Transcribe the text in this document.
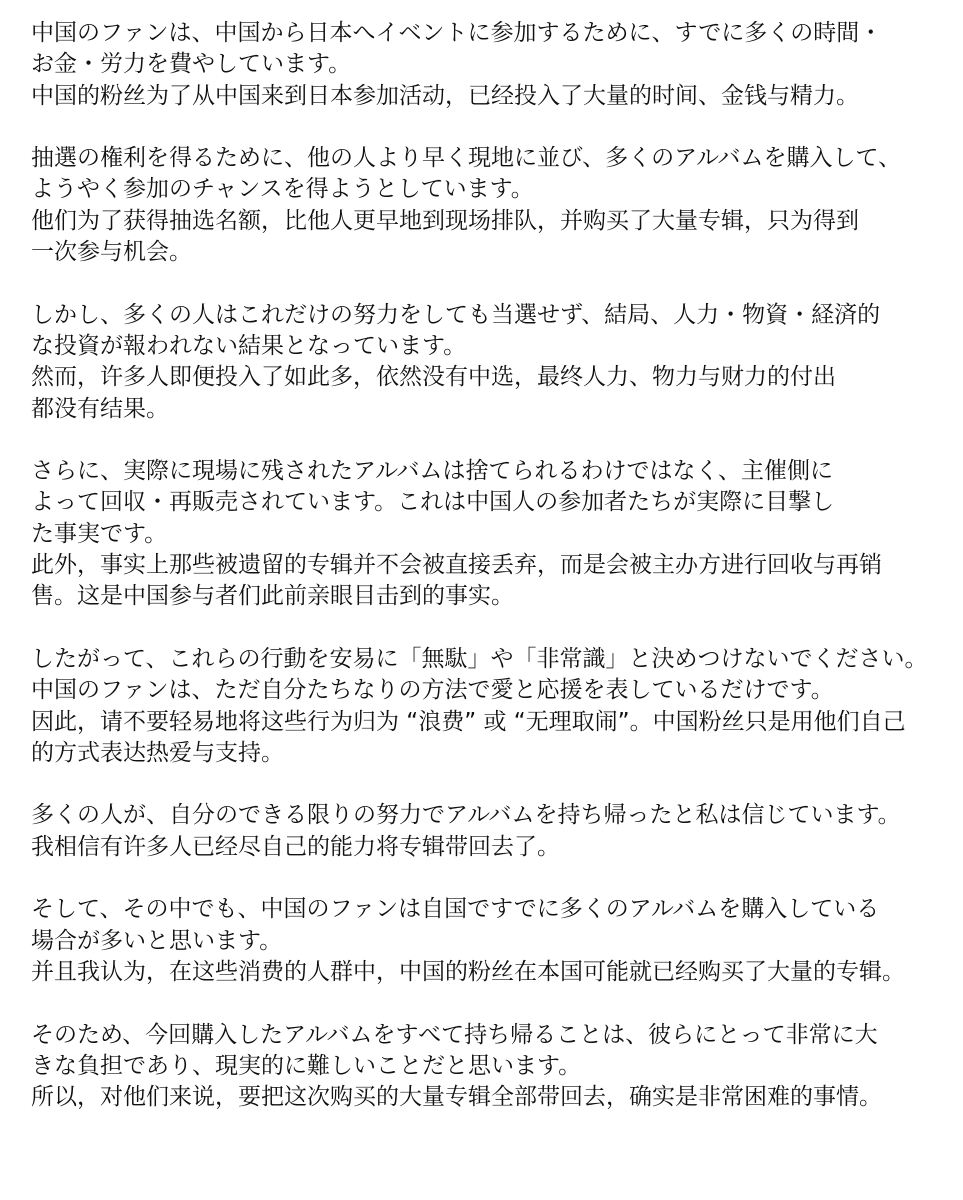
中国のファンは、中国から日本へイベントに参加するために、すでに多くの時間・
お金・労力を費やしています。
中国的粉丝为了从中国来到日本参加活动，已经投入了大量的时间、金钱与精力。
抽選の権利を得るために、他の人より早く現地に並び、多くのアルバムを購入して、
ようやく参加のチャンスを得ようとしています。
他们为了获得抽选名额，比他人更早地到现场排队，并购买了大量专辑，只为得到
一次参与机会。
しかし、多くの人はこれだけの努力をしても当選せず、結局、人力・物資・経済的
な投資が報われない結果となっています。
然而，许多人即便投入了如此多，依然没有中选，最终人力、物力与财力的付出
都没有结果。
さらに、実際に現場に残されたアルバムは捨てられるわけではなく、主催側に
よって回収・再販売されています。これは中国人の参加者たちが実際に目撃し
た事実です。
此外，事实上那些被遗留的专辑并不会被直接丢弃，而是会被主办方进行回收与再销
售。这是中国参与者们此前亲眼目击到的事实。
したがって、これらの行動を安易に「無駄」や「非常識」と決めつけないでください。
中国のファンは、ただ自分たちなりの方法で愛と応援を表しているだけです。
因此，请不要轻易地将这些行为归为 “浪费” 或 “无理取闹”。中国粉丝只是用他们自己
的方式表达热爱与支持。
多くの人が、自分のできる限りの努力でアルバムを持ち帰ったと私は信じています。
我相信有许多人已经尽自己的能力将专辑带回去了。
そして、その中でも、中国のファンは自国ですでに多くのアルバムを購入している
場合が多いと思います。
并且我认为，在这些消费的人群中，中国的粉丝在本国可能就已经购买了大量的专辑。
そのため、今回購入したアルバムをすべて持ち帰ることは、彼らにとって非常に大
きな負担であり、現実的に難しいことだと思います。
所以，对他们来说，要把这次购买的大量专辑全部带回去，确实是非常困难的事情。
